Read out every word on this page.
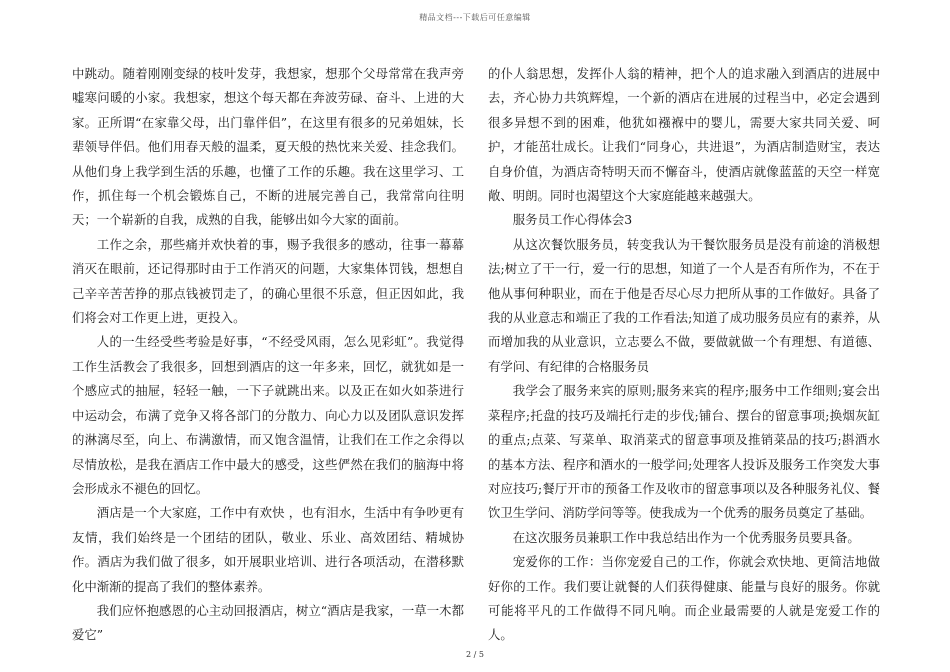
精品文档---下载后可任意编辑

中跳动。随着刚刚变绿的枝叶发芽，我想家，想那个父母常常在我声旁嘘寒问暖的小家。我想家，想这个每天都在奔波劳碌、奋斗、上进的大家。正所谓“在家靠父母，出门靠伴侣”，在这里有很多的兄弟姐妹，长辈领导伴侣。他们用春天般的温柔，夏天般的热忱来关爱、挂念我们。从他们身上我学到生活的乐趣，也懂了工作的乐趣。我在这里学习、工作，抓住每一个机会锻炼自己，不断的进展完善自己，我常常向往明天；一个崭新的自我，成熟的自我，能够出如今大家的面前。

工作之余，那些痛并欢快着的事，赐予我很多的感动，往事一幕幕消灭在眼前，还记得那时由于工作消灭的问题，大家集体罚钱，想想自己辛辛苦苦挣的那点钱被罚走了，的确心里很不乐意，但正因如此，我们将会对工作更上进，更投入。

人的一生经受些考验是好事，“不经受风雨，怎么见彩虹”。我觉得工作生活教会了我很多，回想到酒店的这一年多来，回忆，就犹如是一个感应式的抽屉，轻轻一触，一下子就跳出来。以及正在如火如荼进行中运动会，布满了竞争又将各部门的分散力、向心力以及团队意识发挥的淋漓尽至，向上、布满激情，而又饱含温情，让我们在工作之余得以尽情放松，是我在酒店工作中最大的感受，这些俨然在我们的脑海中将会形成永不褪色的回忆。

酒店是一个大家庭，工作中有欢快 ，也有泪水，生活中有争吵更有友情，我们始终是一个团结的团队，敬业、乐业、高效团结、精城协作。酒店为我们做了很多，如开展职业培训、进行各项活动，在潜移默化中渐渐的提高了我们的整体素养。

我们应怀抱感恩的心主动回报酒店，树立“酒店是我家，一草一木都爱它”

的仆人翁思想，发挥仆人翁的精神，把个人的追求融入到酒店的进展中去，齐心协力共筑辉煌，一个新的酒店在进展的过程当中，必定会遇到很多异想不到的困难，他犹如襁褓中的婴儿，需要大家共同关爱、呵护，才能茁壮成长。让我们“同身心，共进退”，为酒店制造财宝，表达自身价值，为酒店奇特明天而不懈奋斗，使酒店就像蓝蓝的天空一样宽敞、明朗。同时也渴望这个大家庭能越来越强大。

服务员工作心得体会3

从这次餐饮服务员，转变我认为干餐饮服务员是没有前途的消极想法;树立了干一行，爱一行的思想，知道了一个人是否有所作为，不在于他从事何种职业，而在于他是否尽心尽力把所从事的工作做好。具备了我的从业意志和端正了我的工作看法;知道了成功服务员应有的素养，从而增加我的从业意识，立志要么不做，要做就做一个有理想、有道德、有学问、有纪律的合格服务员

我学会了服务来宾的原则;服务来宾的程序;服务中工作细则;宴会出菜程序;托盘的技巧及端托行走的步伐;铺台、摆台的留意事项;换烟灰缸的重点;点菜、写菜单、取消菜式的留意事项及推销菜品的技巧;斟酒水的基本方法、程序和酒水的一般学问;处理客人投诉及服务工作突发大事对应技巧;餐厅开市的预备工作及收市的留意事项以及各种服务礼仪、餐饮卫生学问、消防学问等等。使我成为一个优秀的服务员奠定了基础。

在这次服务员兼职工作中我总结出作为一个优秀服务员要具备。

宠爱你的工作：当你宠爱自己的工作，你就会欢快地、更简洁地做好你的工作。我们要让就餐的人们获得健康、能量与良好的服务。你就可能将平凡的工作做得不同凡响。而企业最需要的人就是宠爱工作的人。

2 / 5
